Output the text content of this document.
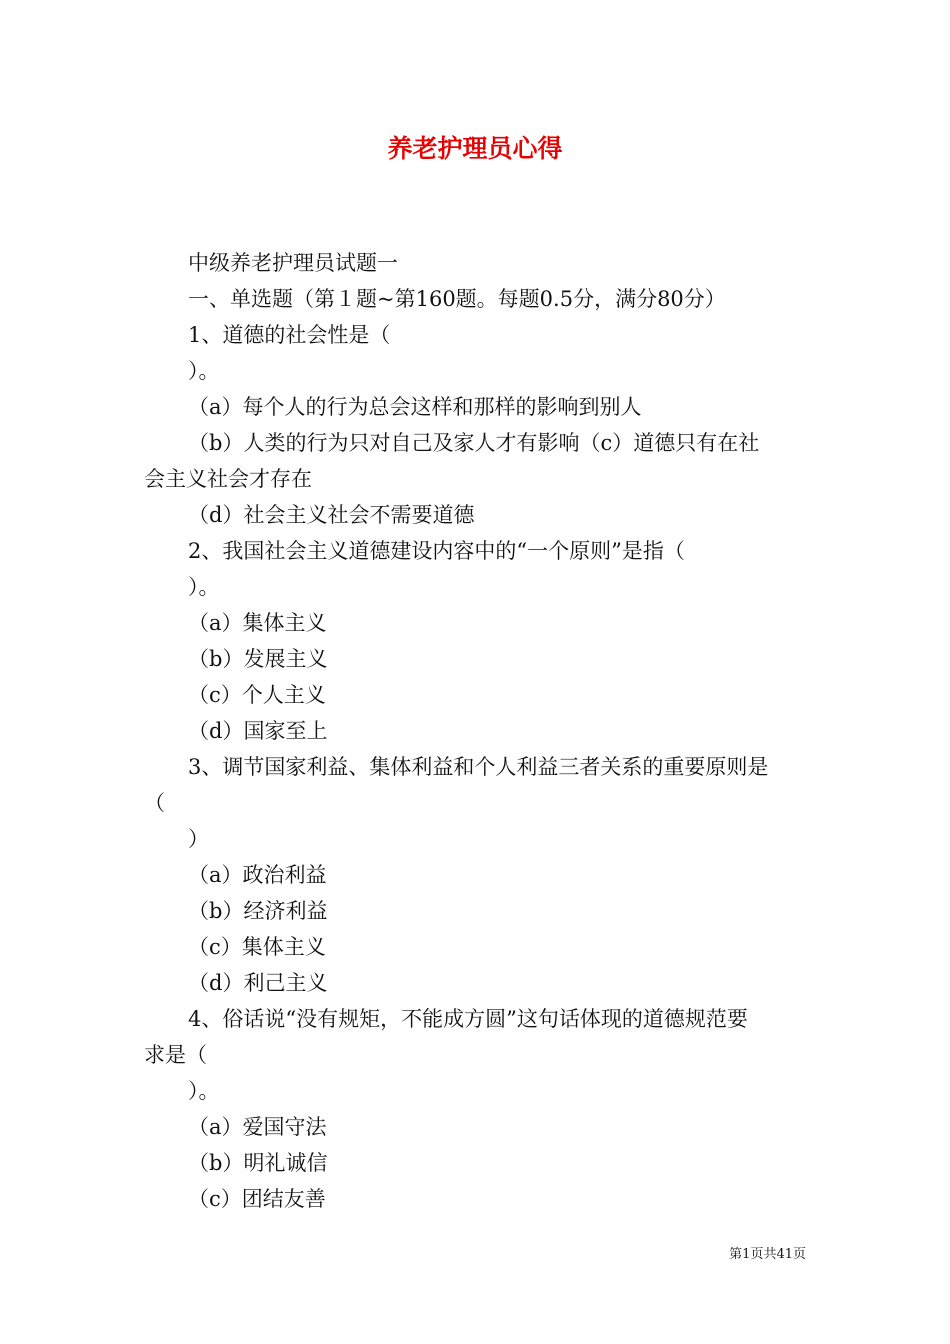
养老护理员心得
中级养老护理员试题一
一、单选题（第１题~第160题。每题0.5分，满分80分）
1、道德的社会性是（
）。
（a）每个人的行为总会这样和那样的影响到别人
（b）人类的行为只对自己及家人才有影响（c）道德只有在社
会主义社会才存在
（d）社会主义社会不需要道德
2、我国社会主义道德建设内容中的“一个原则”是指（
）。
（a）集体主义
（b）发展主义
（c）个人主义
（d）国家至上
3、调节国家利益、集体利益和个人利益三者关系的重要原则是
（
）
（a）政治利益
（b）经济利益
（c）集体主义
（d）利己主义
4、俗话说“没有规矩，不能成方圆”这句话体现的道德规范要
求是（
）。
（a）爱国守法
（b）明礼诚信
（c）团结友善
第1页共41页
